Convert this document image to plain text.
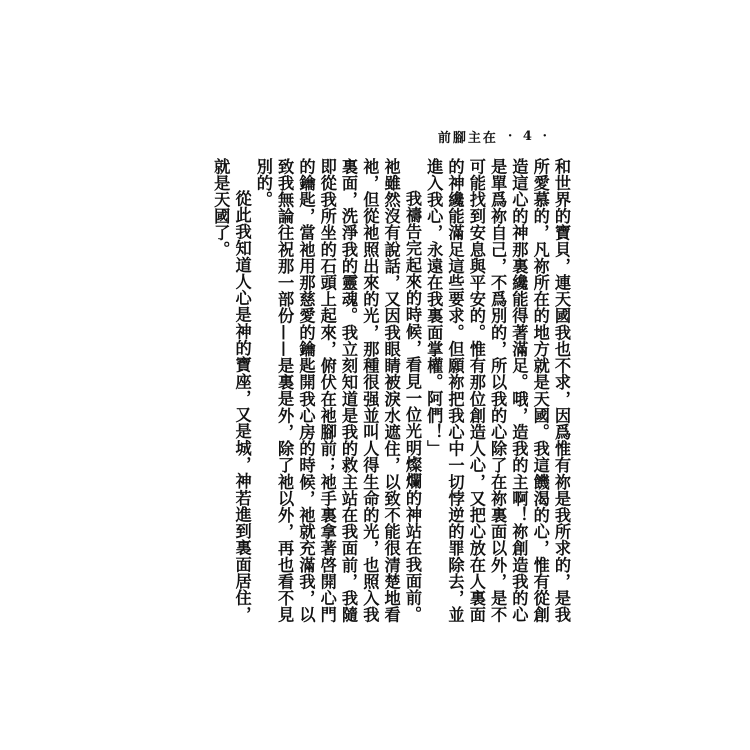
前腳主在 · 4 ·

和世界的寶貝，連天國我也不求，因爲惟有祢是我所求的，是我所愛慕的，凡祢所在的地方就是天國。我這饑渴的心，惟有從創造這心的神那裏纔能得著滿足。哦，造我的主啊！祢創造我的心是單爲祢自己，不爲別的，所以我的心除了在祢裏面以外，是不可能找到安息與平安的。惟有那位創造人心，又把心放在人裏面的神纔能滿足這些要求。但願祢把我心中一切悖逆的罪除去，並進入我心，永遠在我裏面掌權。阿們！」

我禱告完起來的時候，看見一位光明燦爛的神站在我面前。祂雖然沒有說話，又因我眼睛被淚水遮住，以致不能很清楚地看祂，但從祂照出來的光，那種很强並叫人得生命的光，也照入我裏面，洗淨我的靈魂。我立刻知道是我的救主站在我面前，我隨即從我所坐的石頭上起來，俯伏在祂腳前；祂手裏拿著啓開心門的鑰匙，當祂用那慈愛的鑰匙開我心房的時候，祂就充滿我，以致我無論往祝那一部份——是裏是外，除了祂以外，再也看不見別的。

從此我知道人心是神的寶座，又是城，神若進到裏面居住，就是天國了。
